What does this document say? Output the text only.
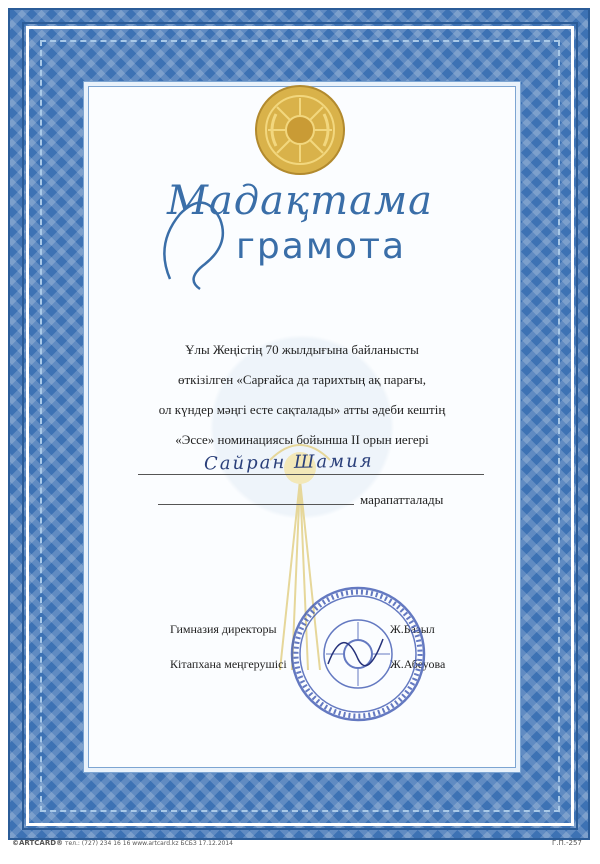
Мадақтама
грамота
Ұлы Жеңістің 70 жылдығына байланысты
өткізілген «Сарғайса да тарихтың ақ парағы,
ол күндер мәңгі есте сақталады» атты әдеби кештің
«Эссе» номинациясы бойынша II орын иегері
Сайран Шамия
марапатталады
Гимназия директоры	Ж.Базыл
Кітапхана меңгерушісі	Ж.Абеуова
©ARTCARD® тел.: (727) 234 16 16 www.artcard.kz БСБЗ 17.12.2014	Г.П.-257
